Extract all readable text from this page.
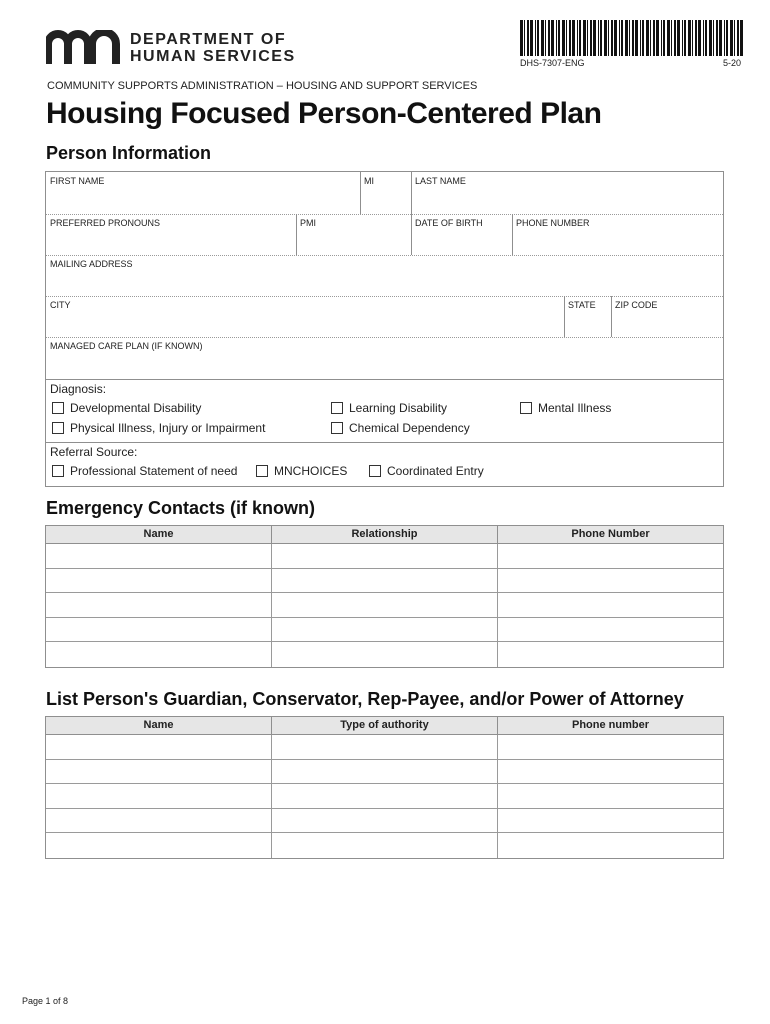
DEPARTMENT OF
HUMAN SERVICES	DHS-7307-ENG	5-20
COMMUNITY SUPPORTS ADMINISTRATION – HOUSING AND SUPPORT SERVICES
Housing Focused Person-Centered Plan
Person Information
FIRST NAME	MI	LAST NAME
PREFERRED PRONOUNS	PMI	DATE OF BIRTH	PHONE NUMBER
MAILING ADDRESS
CITY	STATE	ZIP CODE
MANAGED CARE PLAN (IF KNOWN)
Diagnosis:
Developmental Disability	Learning Disability	Mental Illness
Physical Illness, Injury or Impairment	Chemical Dependency
Referral Source:
Professional Statement of need	MNCHOICES	Coordinated Entry
Emergency Contacts (if known)
Name	Relationship	Phone Number
List Person's Guardian, Conservator, Rep-Payee, and/or Power of Attorney
Name	Type of authority	Phone number
Page 1 of 8
